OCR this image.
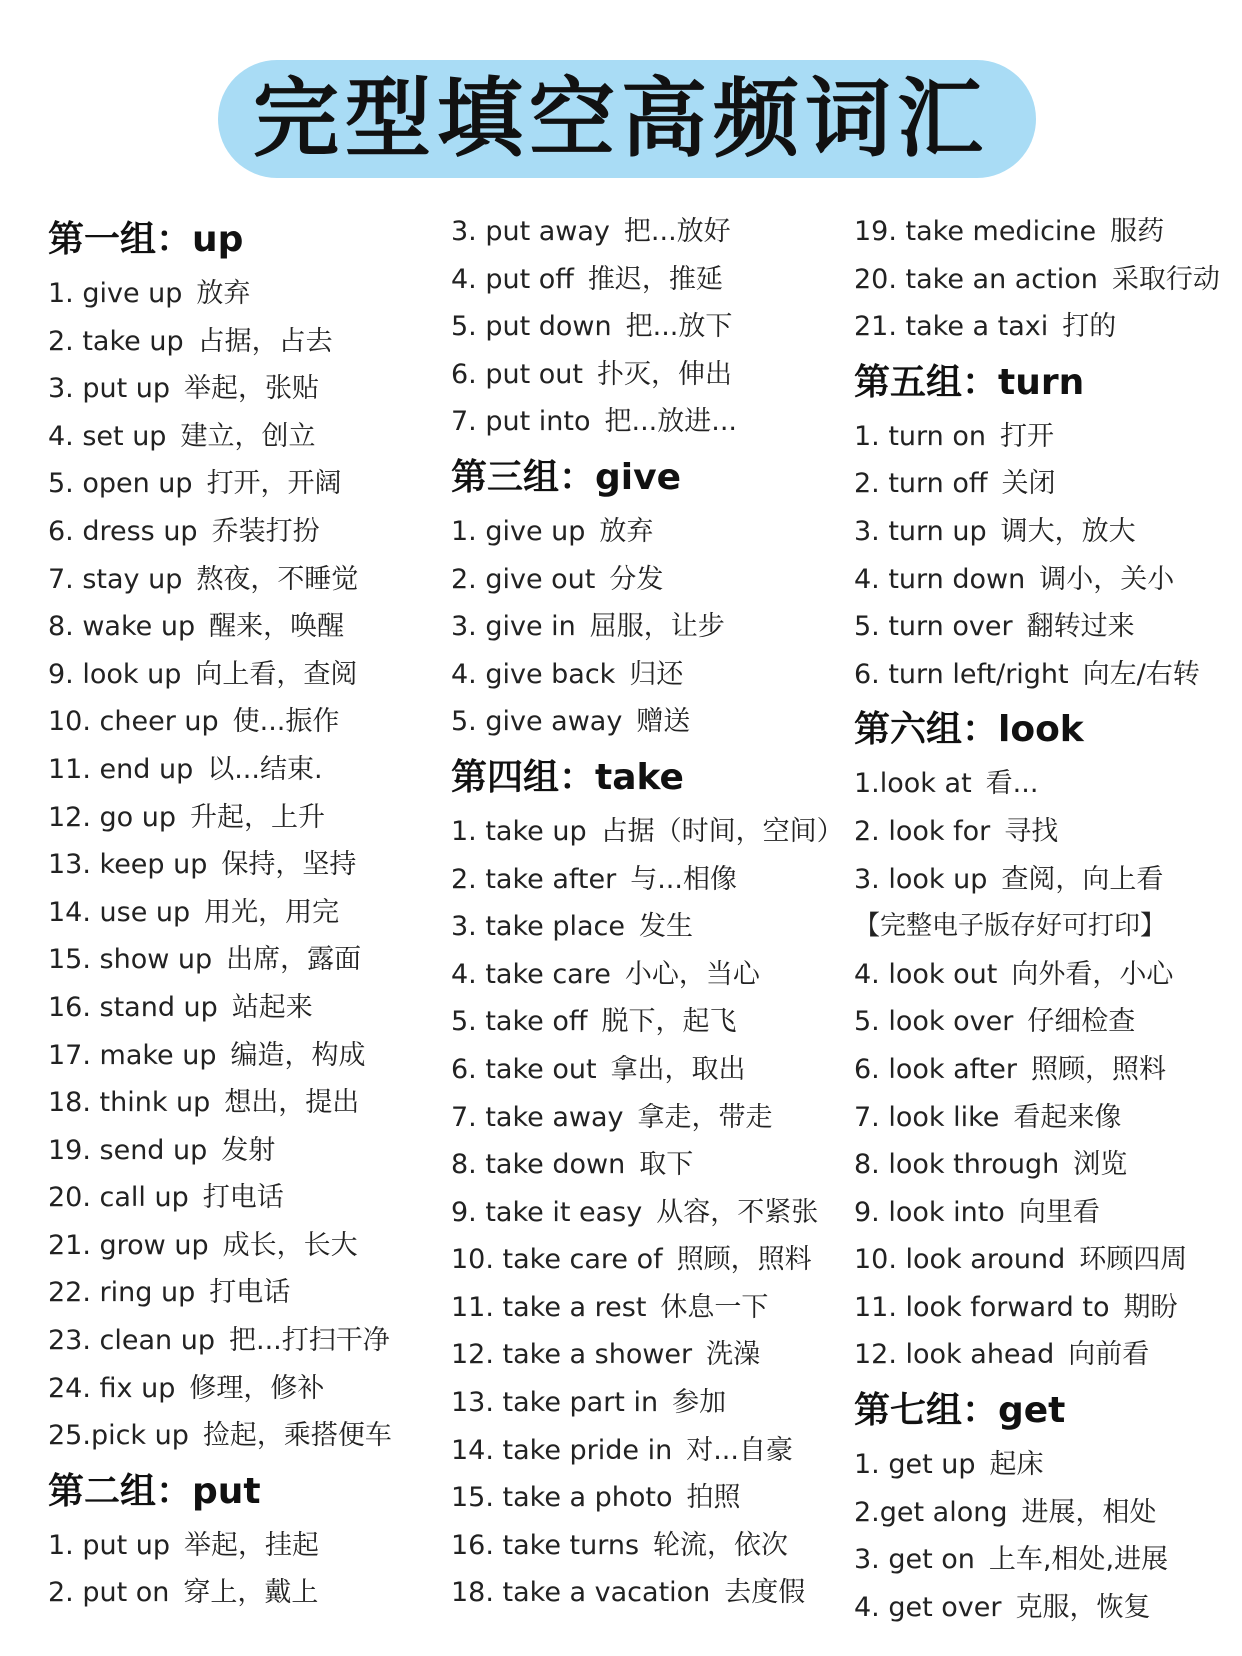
完型填空高频词汇
第一组：up
1. give up 放弃
2. take up 占据，占去
3. put up 举起，张贴
4. set up 建立，创立
5. open up 打开，开阔
6. dress up 乔装打扮
7. stay up 熬夜，不睡觉
8. wake up 醒来，唤醒
9. look up 向上看，查阅
10. cheer up 使...振作
11. end up 以...结束.
12. go up 升起，上升
13. keep up 保持，坚持
14. use up 用光，用完
15. show up 出席，露面
16. stand up 站起来
17. make up 编造，构成
18. think up 想出，提出
19. send up 发射
20. call up 打电话
21. grow up 成长，长大
22. ring up 打电话
23. clean up 把...打扫干净
24. fix up 修理，修补
25.pick up 捡起，乘搭便车
第二组：put
1. put up 举起，挂起
2. put on 穿上，戴上
3. put away 把...放好
4. put off 推迟，推延
5. put down 把...放下
6. put out 扑灭，伸出
7. put into 把...放进...
第三组：give
1. give up 放弃
2. give out 分发
3. give in 屈服，让步
4. give back 归还
5. give away 赠送
第四组：take
1. take up 占据（时间，空间）
2. take after 与...相像
3. take place 发生
4. take care 小心，当心
5. take off 脱下，起飞
6. take out 拿出，取出
7. take away 拿走，带走
8. take down 取下
9. take it easy 从容，不紧张
10. take care of 照顾，照料
11. take a rest 休息一下
12. take a shower 洗澡
13. take part in 参加
14. take pride in 对...自豪
15. take a photo 拍照
16. take turns 轮流，依次
18. take a vacation 去度假
19. take medicine 服药
20. take an action 采取行动
21. take a taxi 打的
第五组：turn
1. turn on 打开
2. turn off 关闭
3. turn up 调大，放大
4. turn down 调小，关小
5. turn over 翻转过来
6. turn left/right 向左/右转
第六组：look
1.look at 看...
2. look for 寻找
3. look up 查阅，向上看
【完整电子版存好可打印】
4. look out 向外看，小心
5. look over 仔细检查
6. look after 照顾，照料
7. look like 看起来像
8. look through 浏览
9. look into 向里看
10. look around 环顾四周
11. look forward to 期盼
12. look ahead 向前看
第七组：get
1. get up 起床
2.get along 进展，相处
3. get on 上车,相处,进展
4. get over 克服，恢复
